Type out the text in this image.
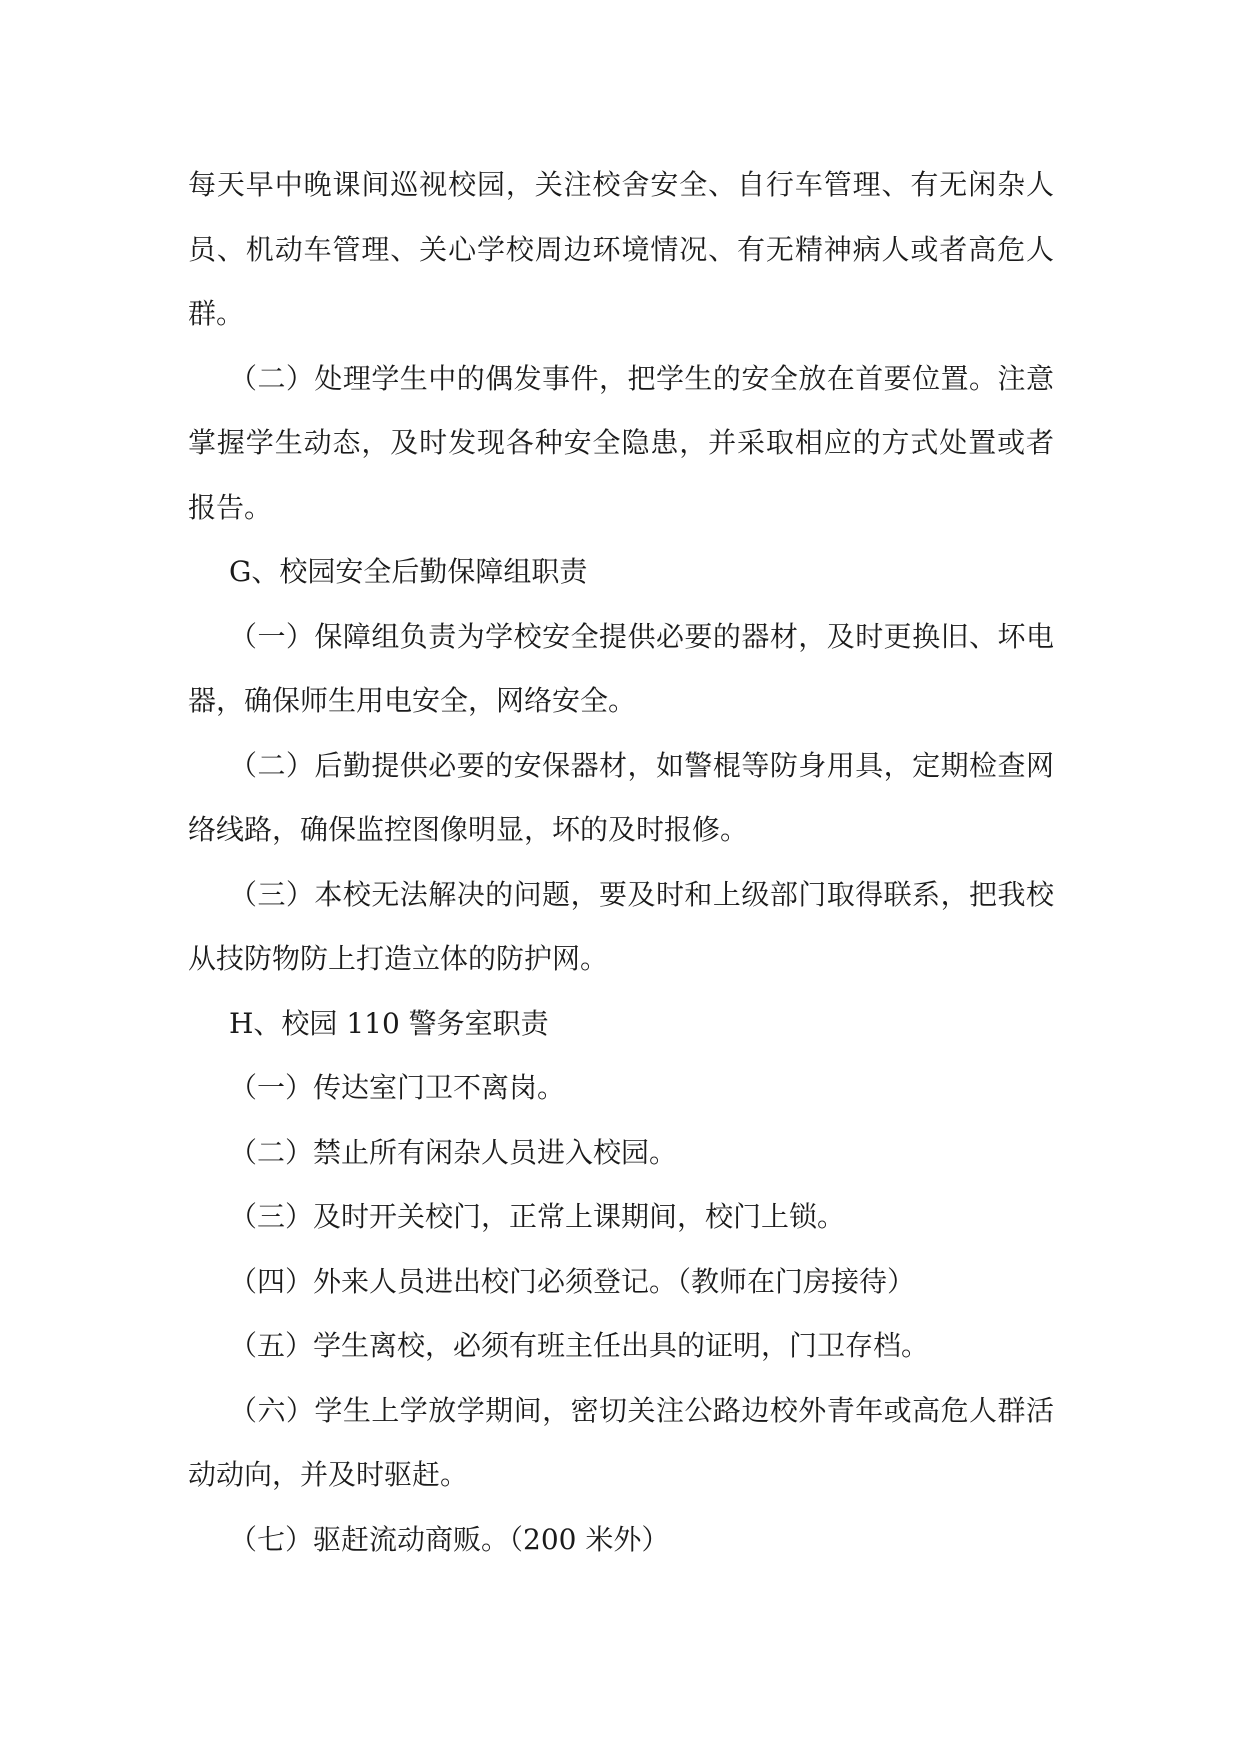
每天早中晚课间巡视校园，关注校舍安全、自行车管理、有无闲杂人员、机动车管理、关心学校周边环境情况、有无精神病人或者高危人群。

（二）处理学生中的偶发事件，把学生的安全放在首要位置。注意掌握学生动态，及时发现各种安全隐患，并采取相应的方式处置或者报告。

G、校园安全后勤保障组职责

（一）保障组负责为学校安全提供必要的器材，及时更换旧、坏电器，确保师生用电安全，网络安全。

（二）后勤提供必要的安保器材，如警棍等防身用具，定期检查网络线路，确保监控图像明显，坏的及时报修。

（三）本校无法解决的问题，要及时和上级部门取得联系，把我校从技防物防上打造立体的防护网。

H、校园 110 警务室职责

（一）传达室门卫不离岗。

（二）禁止所有闲杂人员进入校园。

（三）及时开关校门，正常上课期间，校门上锁。

（四）外来人员进出校门必须登记。（教师在门房接待）

（五）学生离校，必须有班主任出具的证明，门卫存档。

（六）学生上学放学期间，密切关注公路边校外青年或高危人群活动动向，并及时驱赶。

（七）驱赶流动商贩。（200 米外）
